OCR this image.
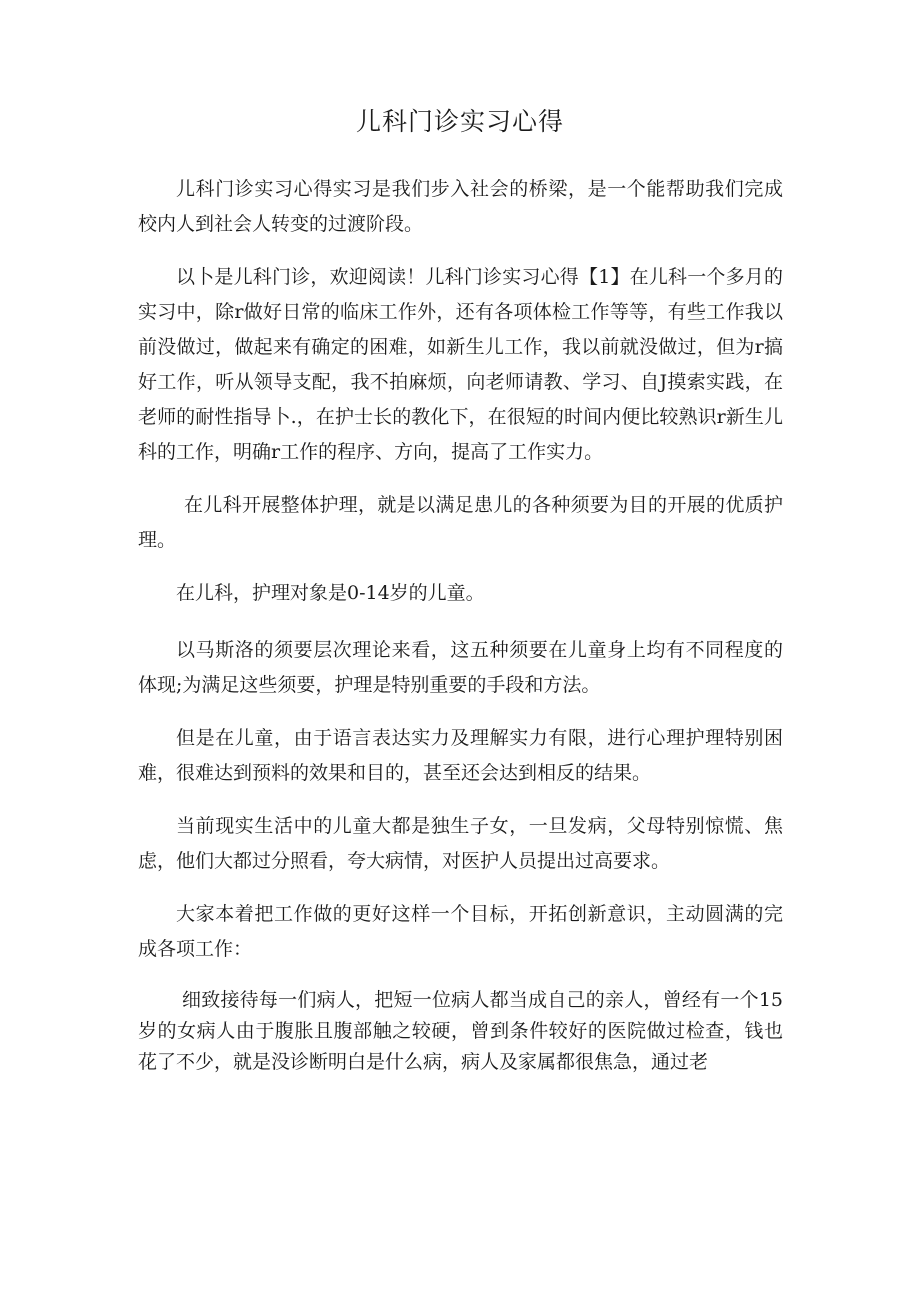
儿科门诊实习心得

儿科门诊实习心得实习是我们步入社会的桥梁，是一个能帮助我们完成校内人到社会人转变的过渡阶段。

以卜是儿科门诊，欢迎阅读！儿科门诊实习心得【1】在儿科一个多月的实习中，除r做好日常的临床工作外，还有各项体检工作等等，有些工作我以前没做过，做起来有确定的困难，如新生儿工作，我以前就没做过，但为r搞好工作，听从领导支配，我不拍麻烦，向老师请教、学习、自J摸索实践，在老师的耐性指导卜.，在护士长的教化下，在很短的时间内便比较熟识r新生儿科的工作，明确r工作的程序、方向，提高了工作实力。

在儿科开展整体护理，就是以满足患儿的各种须要为目的开展的优质护理。

在儿科，护理对象是0-14岁的儿童。

以马斯洛的须要层次理论来看，这五种须要在儿童身上均有不同程度的体现;为满足这些须要，护理是特别重要的手段和方法。

但是在儿童，由于语言表达实力及理解实力有限，进行心理护理特别困难，很难达到预料的效果和目的，甚至还会达到相反的结果。

当前现实生活中的儿童大都是独生子女，一旦发病，父母特别惊慌、焦虑，他们大都过分照看，夸大病情，对医护人员提出过高要求。

大家本着把工作做的更好这样一个目标，开拓创新意识，主动圆满的完成各项工作：

细致接待每一们病人，把短一位病人都当成自己的亲人，曾经有一个15岁的女病人由于腹胀且腹部触之较硬，曾到条件较好的医院做过检查，钱也花了不少，就是没诊断明白是什么病，病人及家属都很焦急，通过老
